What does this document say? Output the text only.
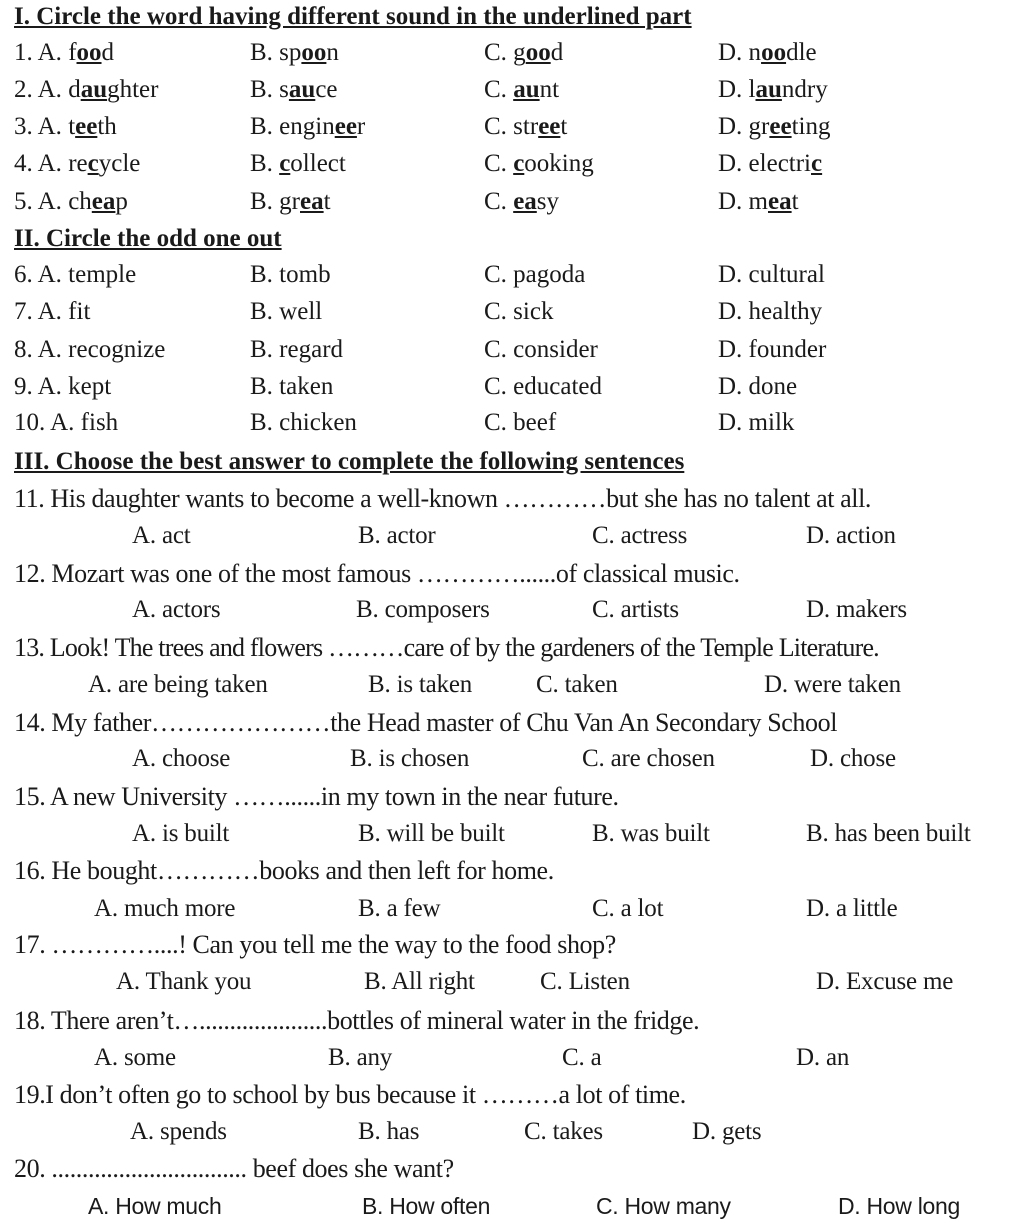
I. Circle the word having different sound in the underlined part
1. A. food	B. spoon	C. good	D. noodle
2. A. daughter	B. sauce	C. aunt	D. laundry
3. A. teeth	B. engineer	C. street	D. greeting
4. A. recycle	B. collect	C. cooking	D. electric
5. A. cheap	B. great	C. easy	D. meat
II. Circle the odd one out
6. A. temple	B. tomb	C. pagoda	D. cultural
7. A. fit	B. well	C. sick	D. healthy
8. A. recognize	B. regard	C. consider	D. founder
9. A. kept	B. taken	C. educated	D. done
10. A. fish	B. chicken	C. beef	D. milk
III. Choose the best answer to complete the following sentences
11. His daughter wants to become a well-known …………but she has no talent at all.
A. act	B. actor	C. actress	D. action
12. Mozart was one of the most famous …………......of classical music.
A. actors	B. composers	C. artists	D. makers
13. Look! The trees and flowers ………care of by the gardeners of the Temple Literature.
A. are being taken	B. is taken	C. taken	D. were taken
14. My father…………………the Head master of Chu Van An Secondary School
A. choose	B. is chosen	C. are chosen	D. chose
15. A new University ……......in my town in the near future.
A. is built	B. will be built	B. was built	B. has been built
16. He bought…………books and then left for home.
A. much more	B. a few	C. a lot	D. a little
17. …………....! Can you tell me the way to the food shop?
A. Thank you	B. All right	C. Listen	D. Excuse me
18. There aren’t….....................bottles of mineral water in the fridge.
A. some	B. any	C. a	D. an
19.I don’t often go to school by bus because it ………a lot of time.
A. spends	B. has	C. takes	D. gets
20. ................................ beef does she want?
A. How much	B. How often	C. How many	D. How long
